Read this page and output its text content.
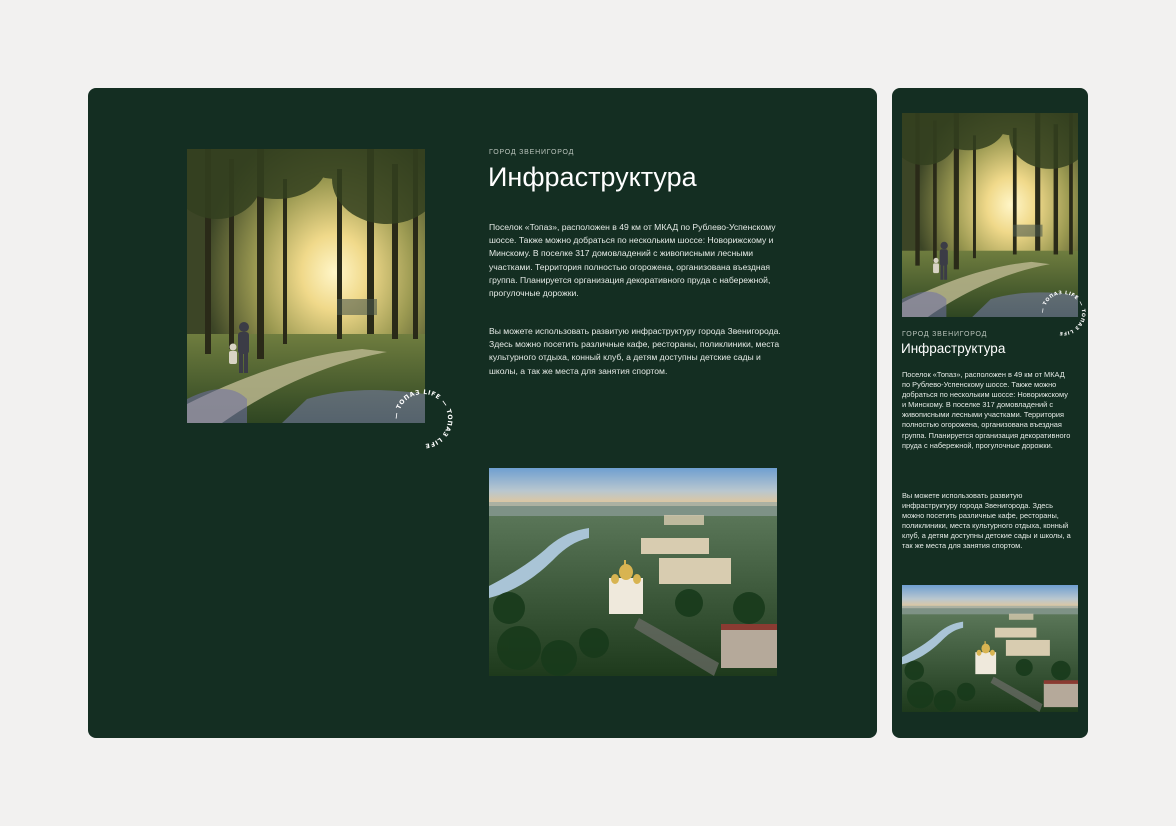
— ТОПАЗ LIFE — ТОПАЗ LIFE
ГОРОД ЗВЕНИГОРОД
Инфраструктура

Поселок «Топаз», расположен в 49 км от МКАД по Рублево-Успенскому шоссе. Также можно добраться по нескольким шоссе: Новорижскому и Минскому. В поселке 317 домовладений с живописными лесными участками. Территория полностью огорожена, организована въездная группа. Планируется организация декоративного пруда с набережной, прогулочные дорожки.

Вы можете использовать развитую инфраструктуру города Звенигорода. Здесь можно посетить различные кафе, рестораны, поликлиники, места культурного отдыха, конный клуб, а детям доступны детские сады и школы, а так же места для занятия спортом.

— ТОПАЗ LIFE — ТОПАЗ LIFE
ГОРОД ЗВЕНИГОРОД
Инфраструктура

Поселок «Топаз», расположен в 49 км от МКАД по Рублево-Успенскому шоссе. Также можно добраться по нескольким шоссе: Новорижскому и Минскому. В поселке 317 домовладений с живописными лесными участками. Территория полностью огорожена, организована въездная группа. Планируется организация декоративного пруда с набережной, прогулочные дорожки.

Вы можете использовать развитую инфраструктуру города Звенигорода. Здесь можно посетить различные кафе, рестораны, поликлиники, места культурного отдыха, конный клуб, а детям доступны детские сады и школы, а так же места для занятия спортом.
